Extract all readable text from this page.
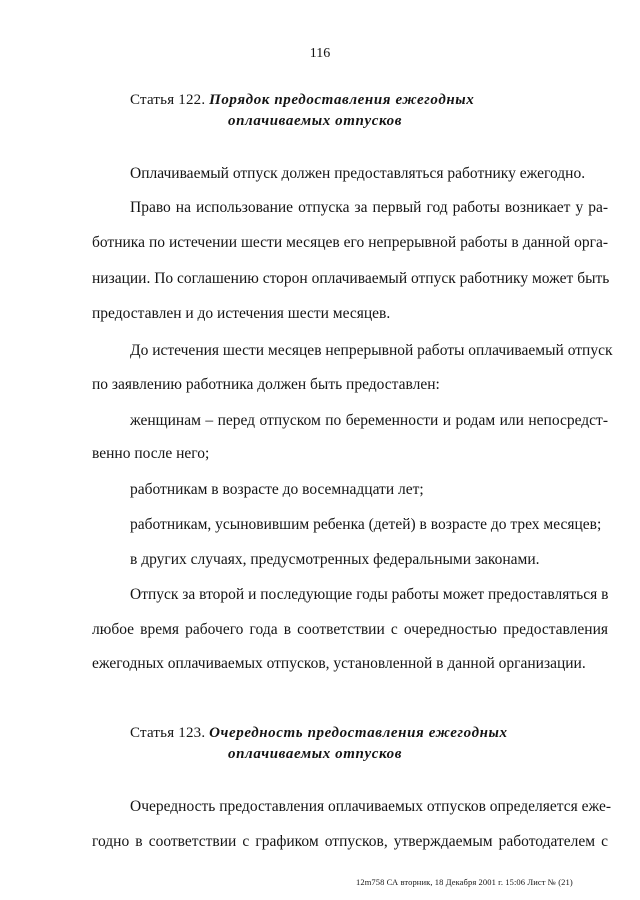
116
Статья 122. Порядок предоставления ежегодных
оплачиваемых отпусков
Оплачиваемый отпуск должен предоставляться работнику ежегодно.
Право на использование отпуска за первый год работы возникает у ра-
ботника по истечении шести месяцев его непрерывной работы в данной орга-
низации. По соглашению сторон оплачиваемый отпуск работнику может быть
предоставлен и до истечения шести месяцев.
До истечения шести месяцев непрерывной работы оплачиваемый отпуск
по заявлению работника должен быть предоставлен:
женщинам – перед отпуском по беременности и родам или непосредст-
венно после него;
работникам в возрасте до восемнадцати лет;
работникам, усыновившим ребенка (детей) в возрасте до трех месяцев;
в других случаях, предусмотренных федеральными законами.
Отпуск за второй и последующие годы работы может предоставляться в
любое время рабочего года в соответствии с очередностью предоставления
ежегодных оплачиваемых отпусков, установленной в данной организации.
Статья 123. Очередность предоставления ежегодных
оплачиваемых отпусков
Очередность предоставления оплачиваемых отпусков определяется еже-
годно в соответствии с графиком отпусков, утверждаемым работодателем с
12m758 СА вторник, 18 Декабря 2001 г. 15:06 Лист № (21)
